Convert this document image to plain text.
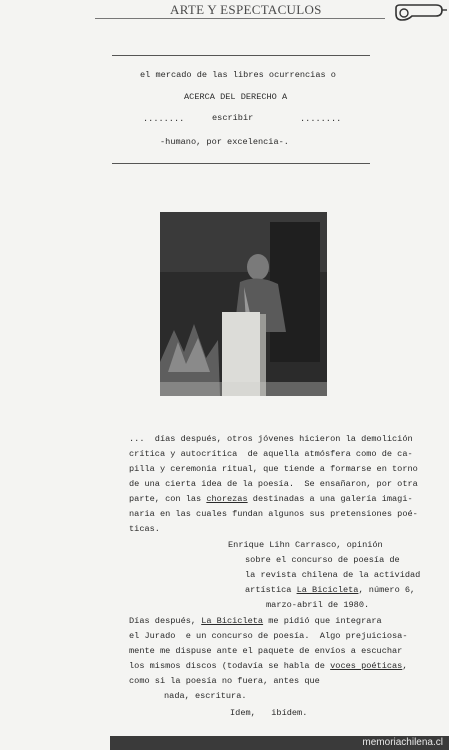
ARTE Y ESPECTACULOS
el mercado de las libres ocurrencias o
ACERCA DEL DERECHO A
........	escribir	........
-humano, por excelencia-.
...  días después, otros jóvenes hicieron la demolición
crítica y autocrítica  de aquella atmósfera como de ca-
pilla y ceremonia ritual, que tiende a formarse en torno
de una cierta idea de la poesía.  Se ensañaron, por otra
parte, con las chorezas destinadas a una galería imagi-
naria en las cuales fundan algunos sus pretensiones poé-
ticas.
Enrique Lihn Carrasco, opinión
sobre el concurso de poesía de
la revista chilena de la actividad
artística La Bicicleta, número 6,
marzo-abril de 1980.
Días después, La Bicicleta me pidió que integrara
el Jurado  e un concurso de poesía.  Algo prejuiciosa-
mente me dispuse ante el paquete de envíos a escuchar
los mismos discos (todavía se habla de voces poéticas,
como si la poesía no fuera, antes que
nada, escritura.
Idem,   ibídem.
memoriachilena.cl
